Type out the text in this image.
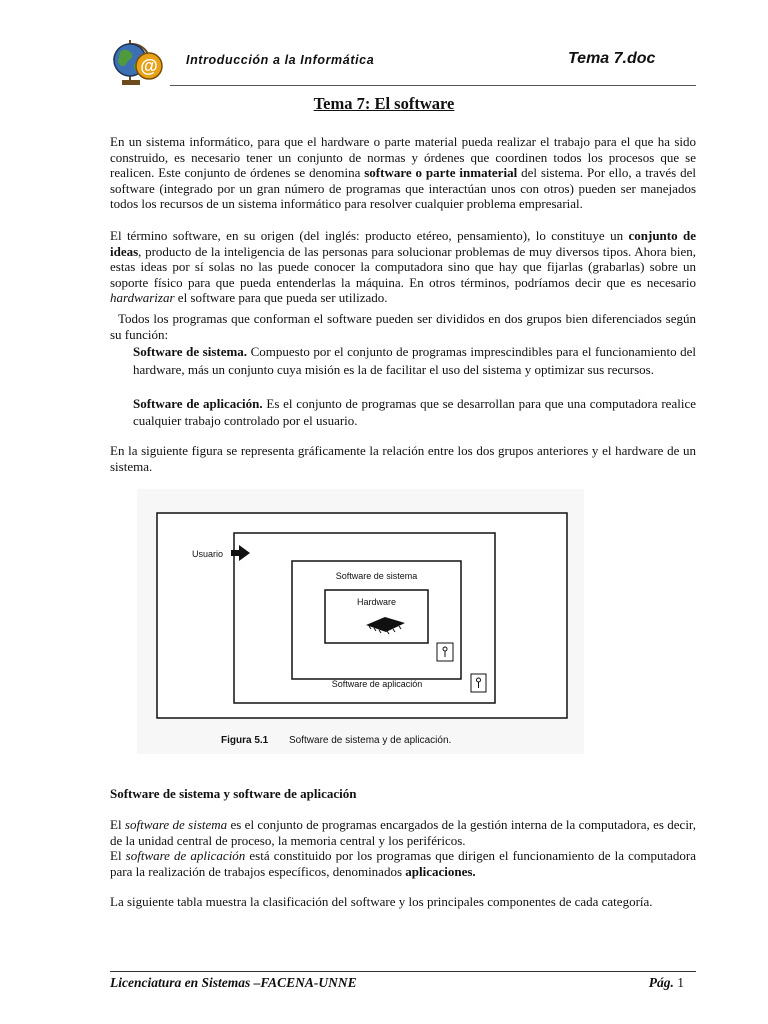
@ Introducción a la Informática	Tema 7.doc
Tema 7: El software
En un sistema informático, para que el hardware o parte material pueda realizar el trabajo para el que ha sido construido, es necesario tener un conjunto de normas y órdenes que coordinen todos los procesos que se realicen. Este conjunto de órdenes se denomina software o parte inmaterial del sistema. Por ello, a través del software (integrado por un gran número de programas que interactúan unos con otros) pueden ser manejados todos los recursos de un sistema informático para resolver cualquier problema empresarial.
El término software, en su origen (del inglés: producto etéreo, pensamiento), lo constituye un conjunto de ideas, producto de la inteligencia de las personas para solucionar problemas de muy diversos tipos. Ahora bien, estas ideas por sí solas no las puede conocer la computadora sino que hay que fijarlas (grabarlas) sobre un soporte físico para que pueda entenderlas la máquina. En otros términos, podríamos decir que es necesario hardwarizar el software para que pueda ser utilizado.
Todos los programas que conforman el software pueden ser divididos en dos grupos bien diferenciados según su función:
Software de sistema. Compuesto por el conjunto de programas imprescindibles para el funcionamiento del hardware, más un conjunto cuya misión es la de facilitar el uso del sistema y optimizar sus recursos.
Software de aplicación. Es el conjunto de programas que se desarrollan para que una computadora realice cualquier trabajo controlado por el usuario.
En la siguiente figura se representa gráficamente la relación entre los dos grupos anteriores y el hardware de un sistema.
Usuario
Software de sistema
Hardware
Software de aplicación
Figura 5.1 Software de sistema y de aplicación.
Software de sistema y software de aplicación
El software de sistema es el conjunto de programas encargados de la gestión interna de la computadora, es decir, de la unidad central de proceso, la memoria central y los periféricos.
El software de aplicación está constituido por los programas que dirigen el funcionamiento de la computadora para la realización de trabajos específicos, denominados aplicaciones.
La siguiente tabla muestra la clasificación del software y los principales componentes de cada categoría.
Licenciatura en Sistemas –FACENA-UNNE	Pág. 1
